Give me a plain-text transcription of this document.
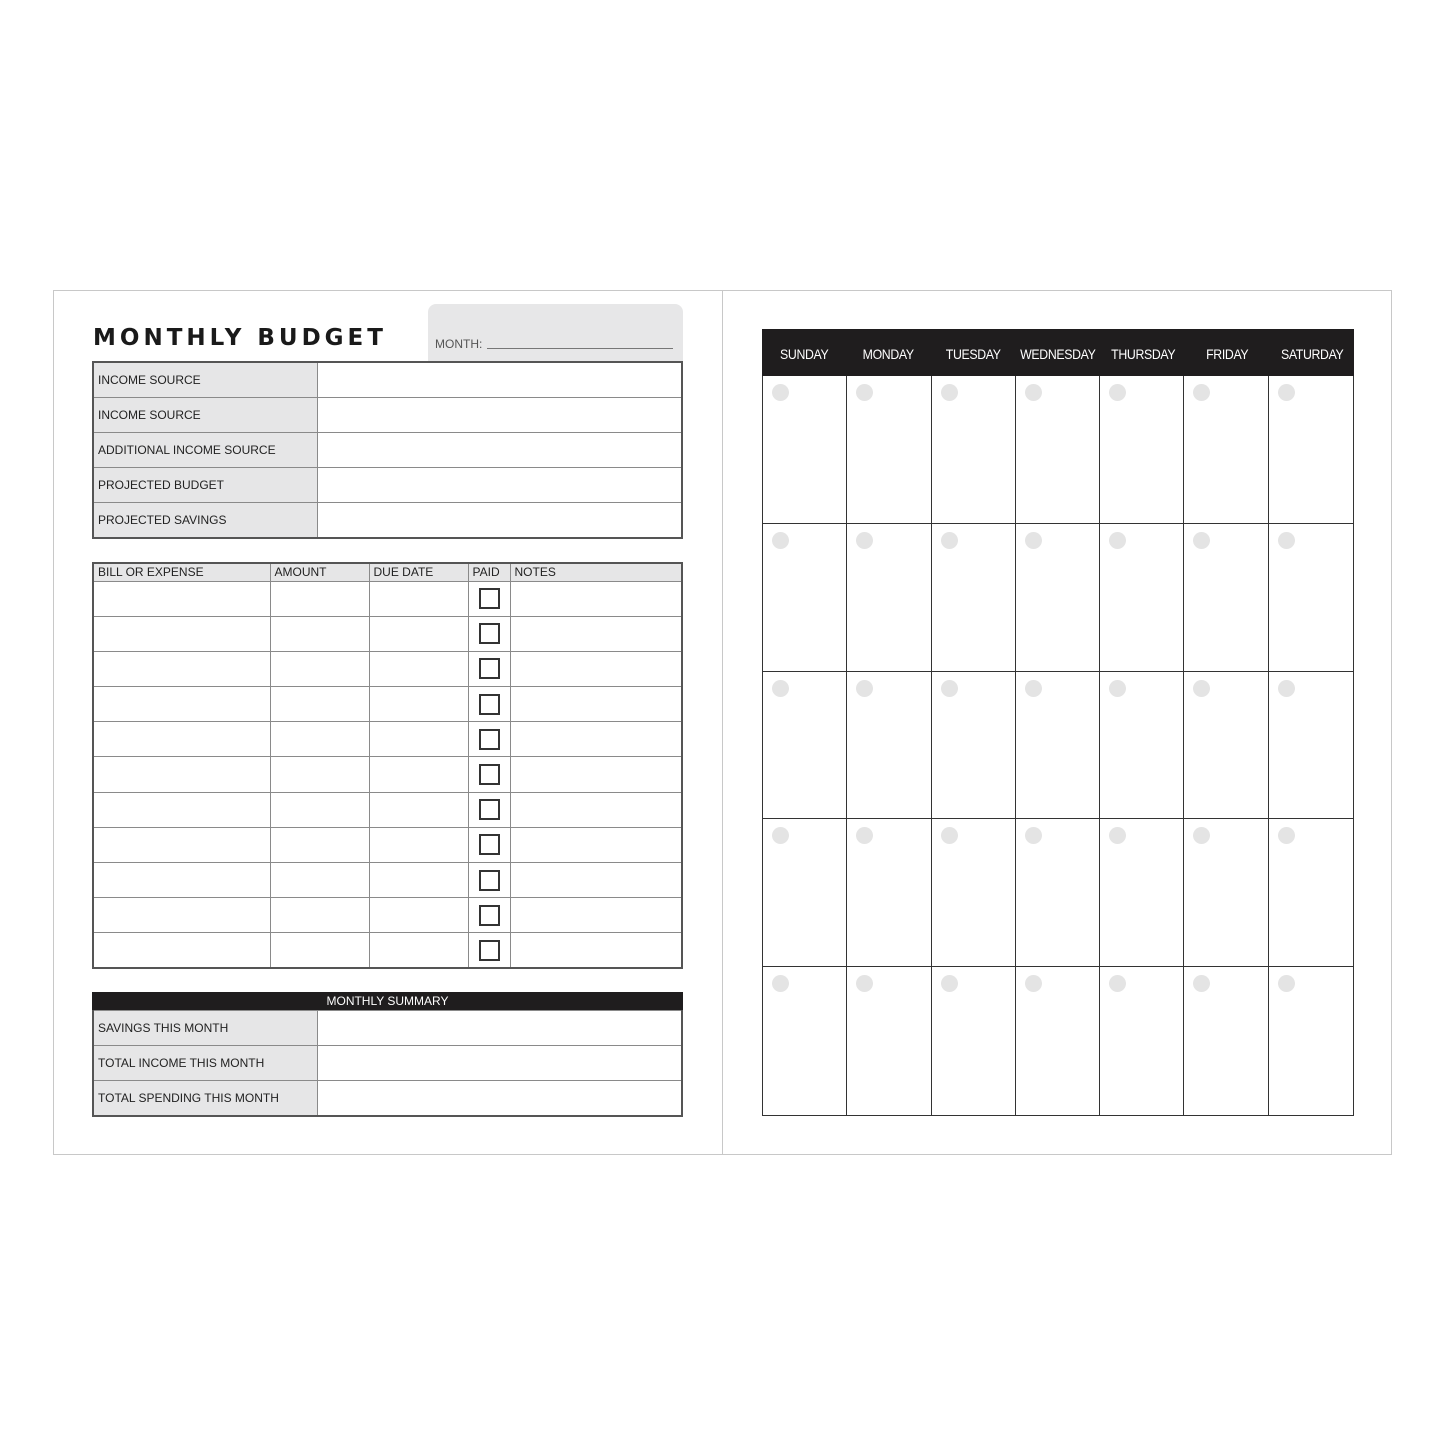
MONTHLY BUDGET	MONTH:
INCOME SOURCE	
INCOME SOURCE	
ADDITIONAL INCOME SOURCE	
PROJECTED BUDGET	
PROJECTED SAVINGS	
BILL OR EXPENSE	AMOUNT	DUE DATE	PAID	NOTES

MONTHLY SUMMARY
SAVINGS THIS MONTH	
TOTAL INCOME THIS MONTH	
TOTAL SPENDING THIS MONTH	
SUNDAY	MONDAY	TUESDAY	WEDNESDAY	THURSDAY	FRIDAY	SATURDAY
